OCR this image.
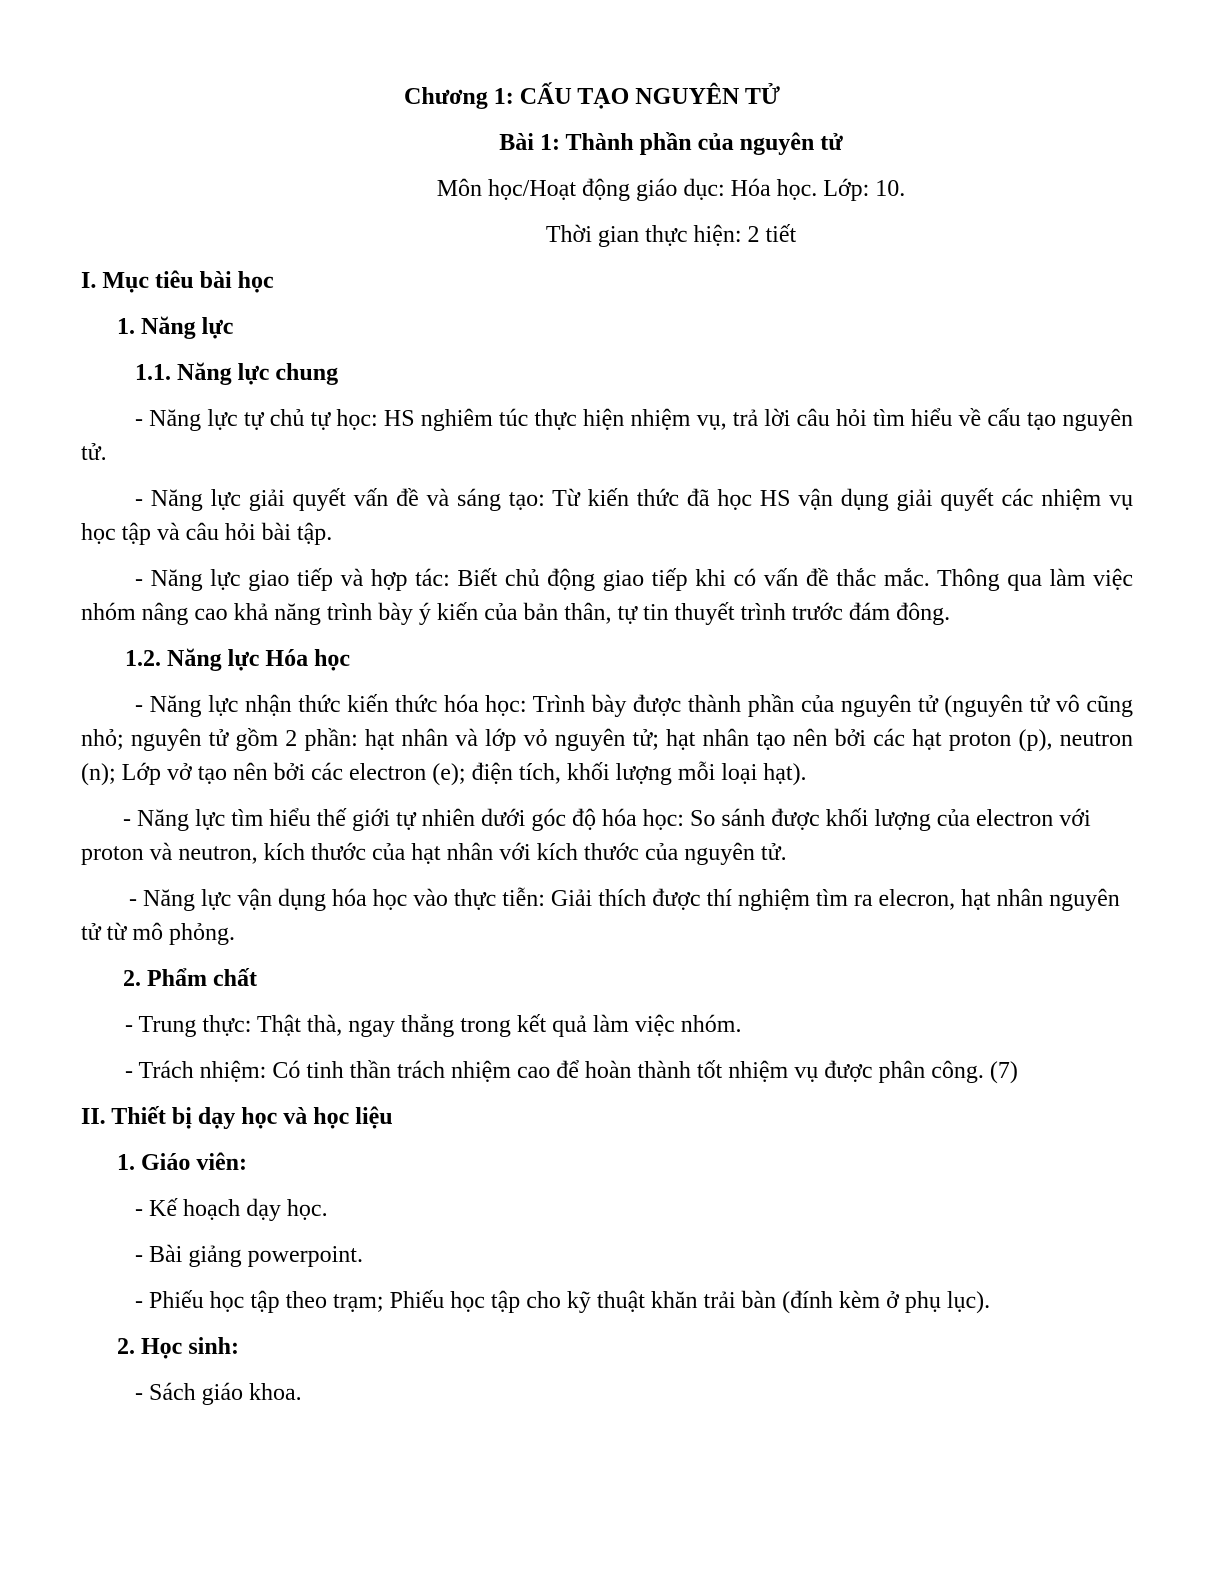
Chương 1: CẤU TẠO NGUYÊN TỬ

Bài 1: Thành phần của nguyên tử

Môn học/Hoạt động giáo dục: Hóa học. Lớp: 10.

Thời gian thực hiện: 2 tiết

I. Mục tiêu bài học

1. Năng lực

1.1. Năng lực chung

- Năng lực tự chủ tự học: HS nghiêm túc thực hiện nhiệm vụ, trả lời câu hỏi tìm hiểu về cấu tạo nguyên tử.

- Năng lực giải quyết vấn đề và sáng tạo: Từ kiến thức đã học HS vận dụng giải quyết các nhiệm vụ học tập và câu hỏi bài tập.

- Năng lực giao tiếp và hợp tác: Biết chủ động giao tiếp khi có vấn đề thắc mắc. Thông qua làm việc nhóm nâng cao khả năng trình bày ý kiến của bản thân, tự tin thuyết trình trước đám đông.

1.2. Năng lực Hóa học

- Năng lực nhận thức kiến thức hóa học: Trình bày được thành phần của nguyên tử (nguyên tử vô cũng nhỏ; nguyên tử gồm 2 phần: hạt nhân và lớp vỏ nguyên tử; hạt nhân tạo nên bởi các hạt proton (p), neutron (n); Lớp vở tạo nên bởi các electron (e); điện tích, khối lượng mỗi loại hạt).

- Năng lực tìm hiểu thế giới tự nhiên dưới góc độ hóa học: So sánh được khối lượng của electron với proton và neutron, kích thước của hạt nhân với kích thước của nguyên tử.

- Năng lực vận dụng hóa học vào thực tiễn: Giải thích được thí nghiệm tìm ra elecron, hạt nhân nguyên tử từ mô phỏng.

2. Phẩm chất

- Trung thực: Thật thà, ngay thẳng trong kết quả làm việc nhóm.

- Trách nhiệm: Có tinh thần trách nhiệm cao để hoàn thành tốt nhiệm vụ được phân công. (7)

II. Thiết bị dạy học và học liệu

1. Giáo viên:

- Kế hoạch dạy học.

- Bài giảng powerpoint.

- Phiếu học tập theo trạm; Phiếu học tập cho kỹ thuật khăn trải bàn (đính kèm ở phụ lục).

2. Học sinh:

- Sách giáo khoa.
